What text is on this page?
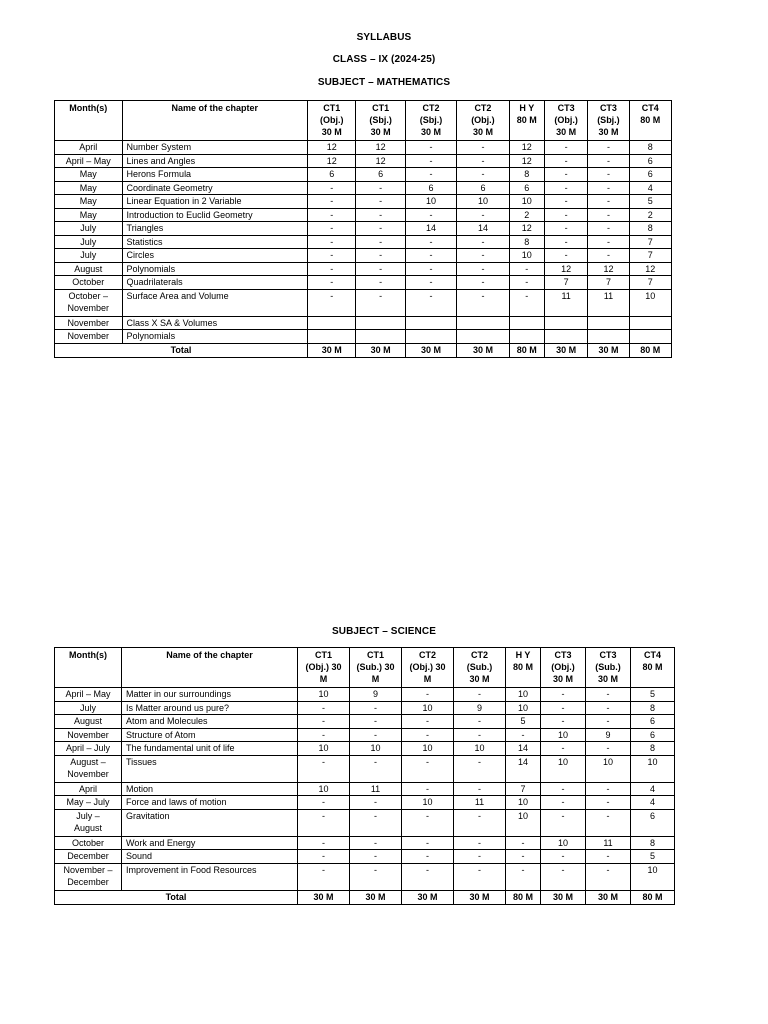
SYLLABUS
CLASS – IX (2024-25)
SUBJECT – MATHEMATICS
Month(s)	Name of the chapter	CT1
(Obj.)
30 M	CT1
(Sbj.)
30 M	CT2
(Sbj.)
30 M	CT2
(Obj.)
30 M	H Y
80 M	CT3
(Obj.)
30 M	CT3
(Sbj.)
30 M	CT4
80 M
April	Number System	12	12	-	-	12	-	-	8
April – May	Lines and Angles	12	12	-	-	12	-	-	6
May	Herons Formula	6	6	-	-	8	-	-	6
May	Coordinate Geometry	-	-	6	6	6	-	-	4
May	Linear Equation in 2 Variable	-	-	10	10	10	-	-	5
May	Introduction to Euclid Geometry	-	-	-	-	2	-	-	2
July	Triangles	-	-	14	14	12	-	-	8
July	Statistics	-	-	-	-	8	-	-	7
July	Circles	-	-	-	-	10	-	-	7
August	Polynomials	-	-	-	-	-	12	12	12
October	Quadrilaterals	-	-	-	-	-	7	7	7
October –
November	Surface Area and Volume	-	-	-	-	-	11	11	10
November	Class X SA & Volumes								
November	Polynomials								
Total		30 M	30 M	30 M	30 M	80 M	30 M	30 M	80 M
SUBJECT – SCIENCE
Month(s)	Name of the chapter	CT1
(Obj.) 30
M	CT1
(Sub.) 30
M	CT2
(Obj.) 30
M	CT2
(Sub.)
30 M	H Y
80 M	CT3
(Obj.)
30 M	CT3
(Sub.)
30 M	CT4
80 M
April – May	Matter in our surroundings	10	9	-	-	10	-	-	5
July	Is Matter around us pure?	-	-	10	9	10	-	-	8
August	Atom and Molecules	-	-	-	-	5	-	-	6
November	Structure of Atom	-	-	-	-	-	10	9	6
April – July	The fundamental unit of life	10	10	10	10	14	-	-	8
August –
November	Tissues	-	-	-	-	14	10	10	10
April	Motion	10	11	-	-	7	-	-	4
May – July	Force and laws of motion	-	-	10	11	10	-	-	4
July –
August	Gravitation	-	-	-	-	10	-	-	6
October	Work and Energy	-	-	-	-	-	10	11	8
December	Sound	-	-	-	-	-	-	-	5
November –
December	Improvement in Food Resources	-	-	-	-	-	-	-	10
Total		30 M	30 M	30 M	30 M	80 M	30 M	30 M	80 M
